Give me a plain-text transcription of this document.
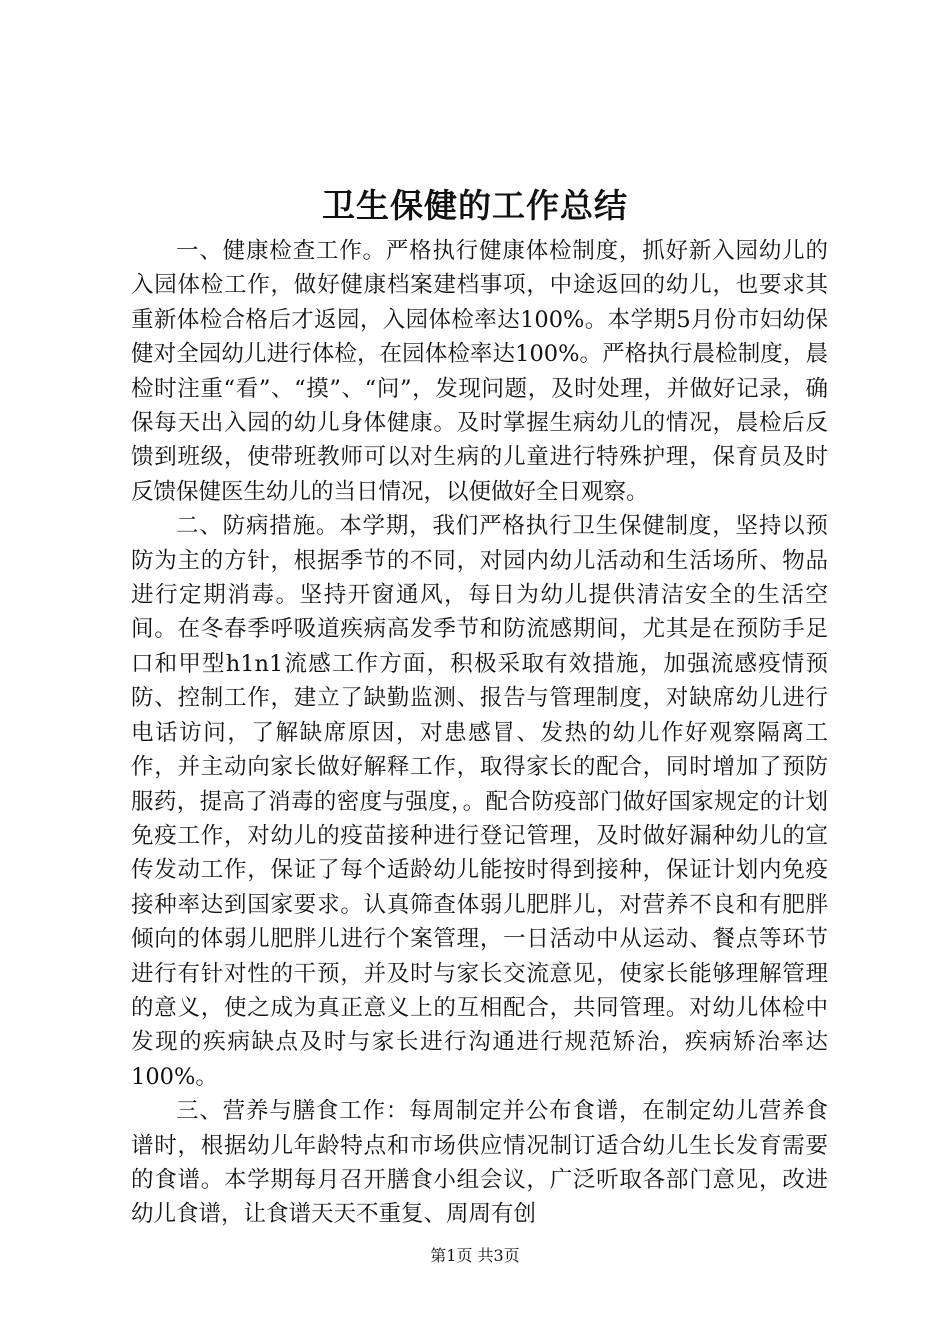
卫生保健的工作总结

一、健康检查工作。严格执行健康体检制度，抓好新入园幼儿的入园体检工作，做好健康档案建档事项，中途返回的幼儿，也要求其重新体检合格后才返园，入园体检率达100%。本学期5月份市妇幼保健对全园幼儿进行体检，在园体检率达100%。严格执行晨检制度，晨检时注重“看”、“摸”、“问”，发现问题，及时处理，并做好记录，确保每天出入园的幼儿身体健康。及时掌握生病幼儿的情况，晨检后反馈到班级，使带班教师可以对生病的儿童进行特殊护理，保育员及时反馈保健医生幼儿的当日情况，以便做好全日观察。

二、防病措施。本学期，我们严格执行卫生保健制度，坚持以预防为主的方针，根据季节的不同，对园内幼儿活动和生活场所、物品进行定期消毒。坚持开窗通风，每日为幼儿提供清洁安全的生活空间。在冬春季呼吸道疾病高发季节和防流感期间，尤其是在预防手足口和甲型h1n1流感工作方面，积极采取有效措施，加强流感疫情预防、控制工作，建立了缺勤监测、报告与管理制度，对缺席幼儿进行电话访问，了解缺席原因，对患感冒、发热的幼儿作好观察隔离工作，并主动向家长做好解释工作，取得家长的配合，同时增加了预防服药，提高了消毒的密度与强度，。配合防疫部门做好国家规定的计划免疫工作，对幼儿的疫苗接种进行登记管理，及时做好漏种幼儿的宣传发动工作，保证了每个适龄幼儿能按时得到接种，保证计划内免疫接种率达到国家要求。认真筛查体弱儿肥胖儿，对营养不良和有肥胖倾向的体弱儿肥胖儿进行个案管理，一日活动中从运动、餐点等环节进行有针对性的干预，并及时与家长交流意见，使家长能够理解管理的意义，使之成为真正意义上的互相配合，共同管理。对幼儿体检中发现的疾病缺点及时与家长进行沟通进行规范矫治，疾病矫治率达100%。

三、营养与膳食工作：每周制定并公布食谱，在制定幼儿营养食谱时，根据幼儿年龄特点和市场供应情况制订适合幼儿生长发育需要的食谱。本学期每月召开膳食小组会议，广泛听取各部门意见，改进幼儿食谱，让食谱天天不重复、周周有创

第1页 共3页
